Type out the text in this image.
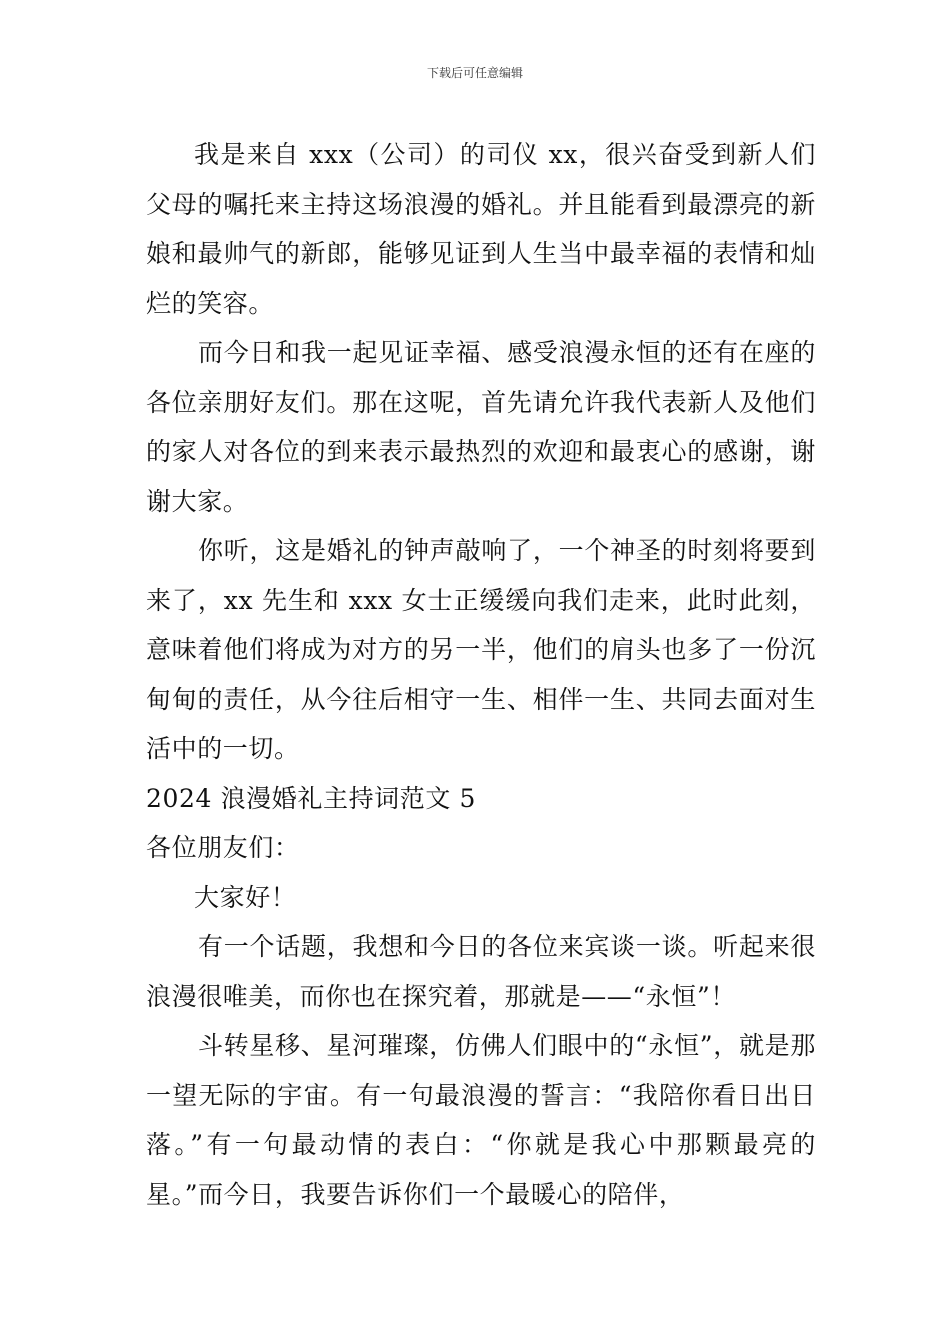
下载后可任意编辑

我是来自 xxx（公司）的司仪 xx，很兴奋受到新人们父母的嘱托来主持这场浪漫的婚礼。并且能看到最漂亮的新娘和最帅气的新郎，能够见证到人生当中最幸福的表情和灿烂的笑容。

而今日和我一起见证幸福、感受浪漫永恒的还有在座的各位亲朋好友们。那在这呢，首先请允许我代表新人及他们的家人对各位的到来表示最热烈的欢迎和最衷心的感谢，谢谢大家。

你听，这是婚礼的钟声敲响了，一个神圣的时刻将要到来了，xx 先生和 xxx 女士正缓缓向我们走来，此时此刻，意味着他们将成为对方的另一半，他们的肩头也多了一份沉甸甸的责任，从今往后相守一生、相伴一生、共同去面对生活中的一切。

2024 浪漫婚礼主持词范文 5

各位朋友们：

大家好！

有一个话题，我想和今日的各位来宾谈一谈。听起来很浪漫很唯美，而你也在探究着，那就是——“永恒”！

斗转星移、星河璀璨，仿佛人们眼中的“永恒”，就是那一望无际的宇宙。有一句最浪漫的誓言：“我陪你看日出日落。”有一句最动情的表白：“你就是我心中那颗最亮的星。”而今日，我要告诉你们一个最暖心的陪伴，
